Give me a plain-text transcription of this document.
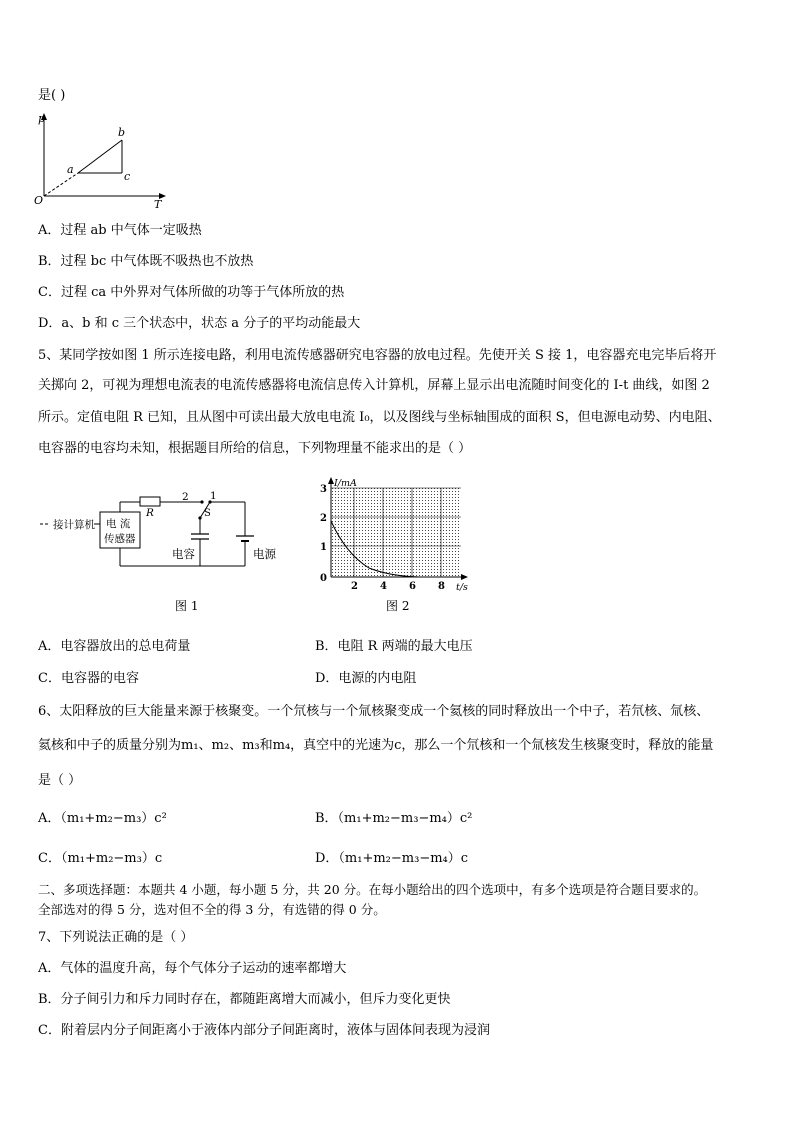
是( )
p
T
O
a
b
c
A．过程 ab 中气体一定吸热
B．过程 bc 中气体既不吸热也不放热
C．过程 ca 中外界对气体所做的功等于气体所放的热
D．a、b 和 c 三个状态中，状态 a 分子的平均动能最大
5、某同学按如图 1 所示连接电路，利用电流传感器研究电容器的放电过程。先使开关 S 接 1，电容器充电完毕后将开
关掷向 2，可视为理想电流表的电流传感器将电流信息传入计算机，屏幕上显示出电流随时间变化的 I-t 曲线，如图 2
所示。定值电阻 R 已知，且从图中可读出最大放电电流 I₀，以及图线与坐标轴围成的面积 S，但电源电动势、内电阻、
电容器的电容均未知，根据题目所给的信息，下列物理量不能求出的是（ ）
接计算机 电 流
传感器
R
2 1
S
电容	电源
图 1
I/mA
t/s
0
1
2
3
2 4 6 8
图 2
A．电容器放出的总电荷量	B．电阻 R 两端的最大电压
C．电容器的电容	D．电源的内电阻
6、太阳释放的巨大能量来源于核聚变。一个氘核与一个氚核聚变成一个氦核的同时释放出一个中子，若氘核、氚核、
氦核和中子的质量分别为m₁、m₂、m₃和m₄，真空中的光速为c，那么一个氘核和一个氚核发生核聚变时，释放的能量
是（ ）
A．（m₁+m₂−m₃）c²	B．（m₁+m₂−m₃−m₄）c²
C．（m₁+m₂−m₃）c	D．（m₁+m₂−m₃−m₄）c
二、多项选择题：本题共 4 小题，每小题 5 分，共 20 分。在每小题给出的四个选项中，有多个选项是符合题目要求的。
全部选对的得 5 分，选对但不全的得 3 分，有选错的得 0 分。
7、下列说法正确的是（ ）
A．气体的温度升高，每个气体分子运动的速率都增大
B．分子间引力和斥力同时存在，都随距离增大而减小，但斥力变化更快
C．附着层内分子间距离小于液体内部分子间距离时，液体与固体间表现为浸润
